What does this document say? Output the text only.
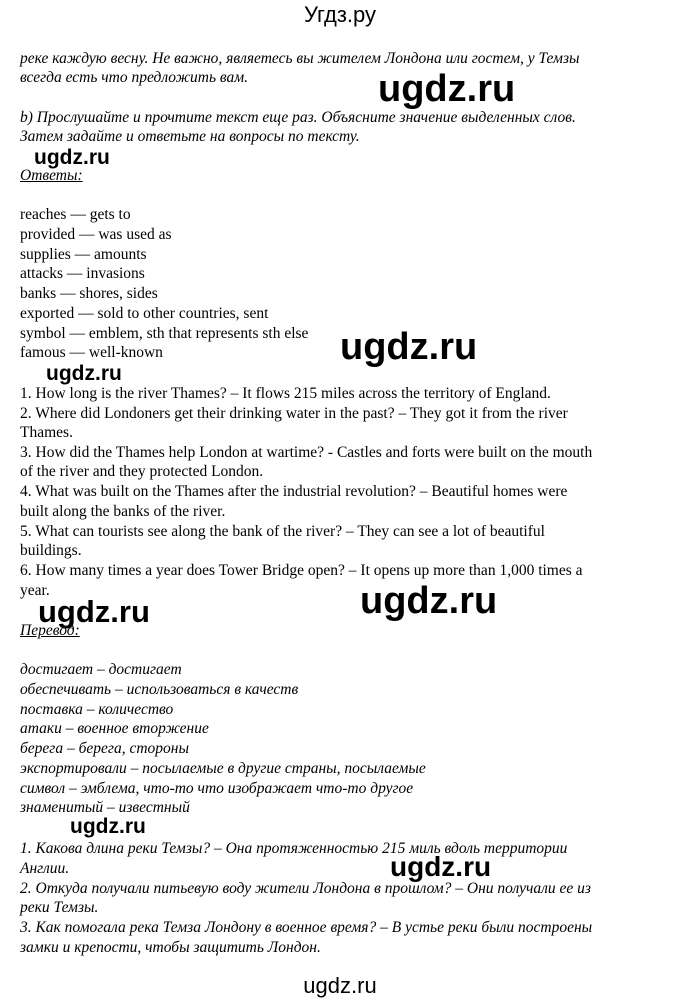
Угдз.ру
реке каждую весну. Не важно, являетесь вы жителем Лондона или гостем, у Темзы
всегда есть что предложить вам.	ugdz.ru
b) Прослушайте и прочтите текст еще раз. Объясните значение выделенных слов.
Затем задайте и ответьте на вопросы по тексту.
ugdz.ru
Ответы:
reaches — gets to
provided — was used as
supplies — amounts
attacks — invasions
banks — shores, sides
exported — sold to other countries, sent
symbol — emblem, sth that represents sth else
famous — well-known	ugdz.ru
ugdz.ru
1. How long is the river Thames? – It flows 215 miles across the territory of England.
2. Where did Londoners get their drinking water in the past? – They got it from the river
Thames.
3. How did the Thames help London at wartime? - Castles and forts were built on the mouth
of the river and they protected London.
4. What was built on the Thames after the industrial revolution? – Beautiful homes were
built along the banks of the river.
5. What can tourists see along the bank of the river? – They can see a lot of beautiful
buildings.
6. How many times a year does Tower Bridge open? – It opens up more than 1,000 times a
year.	ugdz.ru
ugdz.ru
Перевод:
достигает – достигает
обеспечивать – использоваться в качеств
поставка – количество
атаки – военное вторжение
берега – берега, стороны
экспортировали – посылаемые в другие страны, посылаемые
символ – эмблема, что-то что изображает что-то другое
знаменитый – известный
ugdz.ru
1. Какова длина реки Темзы? – Она протяженностью 215 миль вдоль территории
Англии.
2. Откуда получали питьевую воду жители Лондона в прошлом? – Они получали ее из
реки Темзы.
3. Как помогала река Темза Лондону в военное время? – В устье реки были построены
замки и крепости, чтобы защитить Лондон.
ugdz.ru
ugdz.ru
